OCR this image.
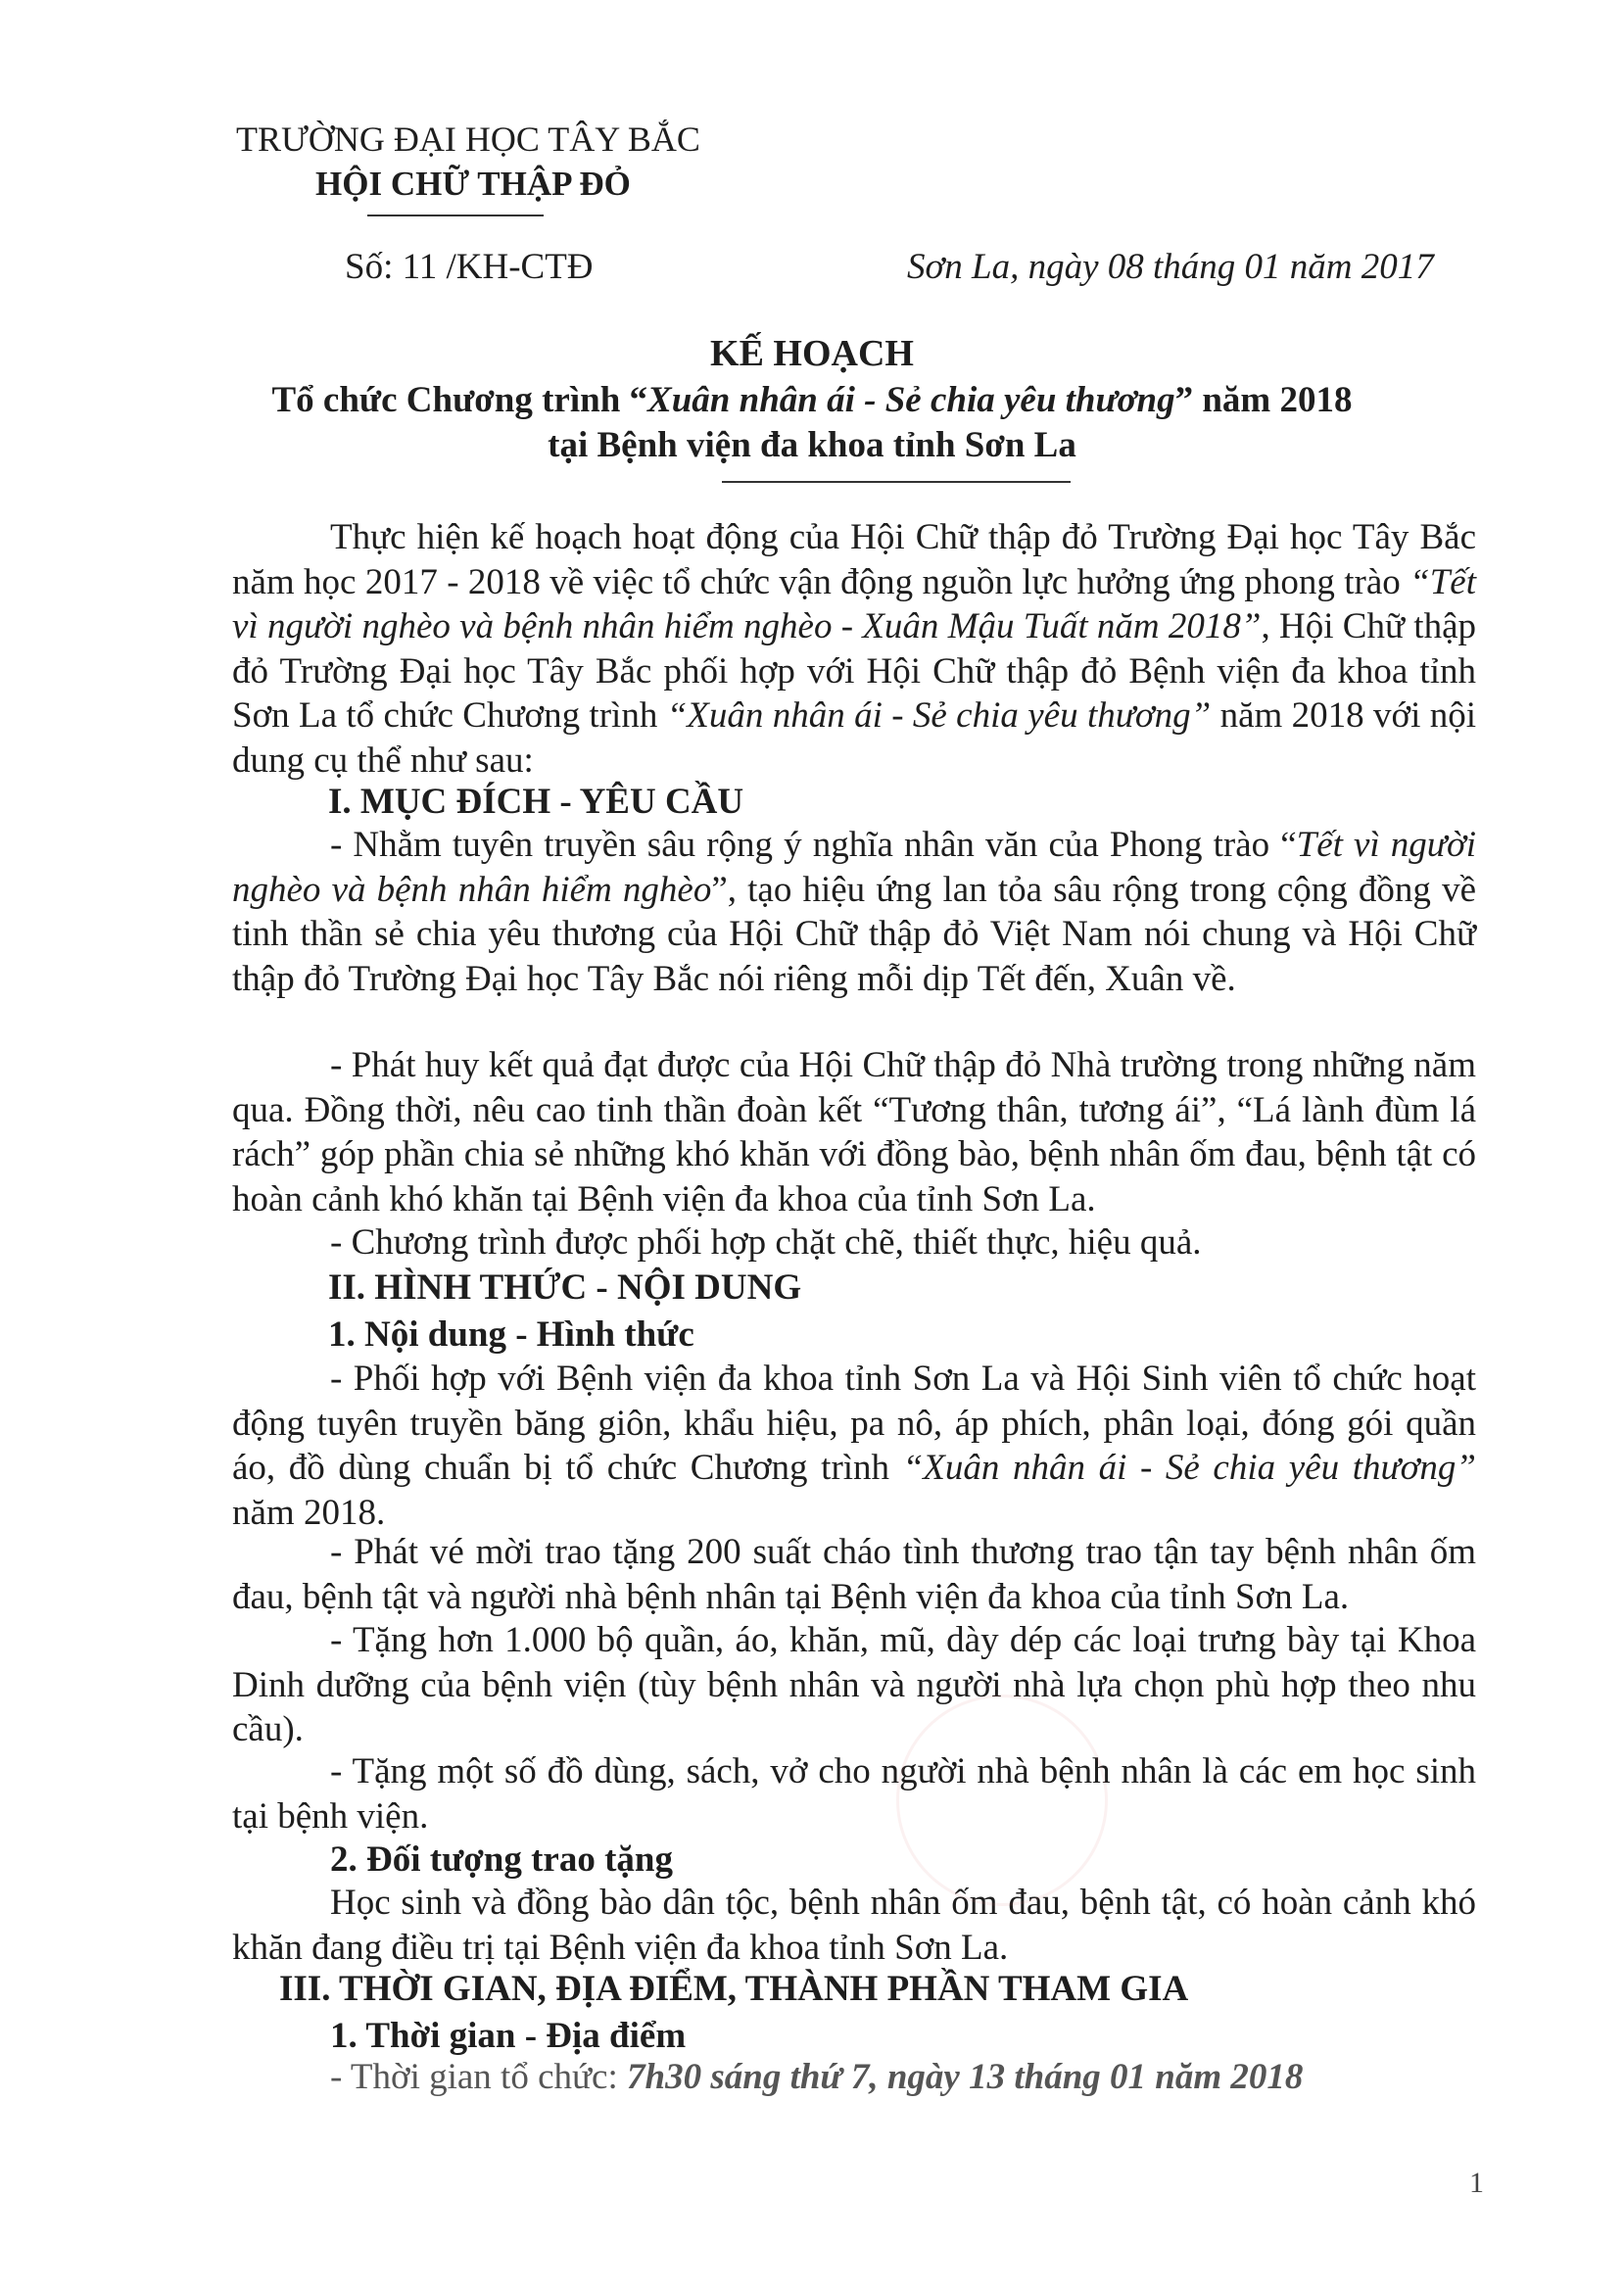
TRƯỜNG ĐẠI HỌC TÂY BẮC
HỘI CHỮ THẬP ĐỎ
Số: 11 /KH-CTĐ	Sơn La, ngày 08 tháng 01 năm 2017
KẾ HOẠCH
Tổ chức Chương trình “Xuân nhân ái - Sẻ chia yêu thương” năm 2018
tại Bệnh viện đa khoa tỉnh Sơn La
Thực hiện kế hoạch hoạt động của Hội Chữ thập đỏ Trường Đại học Tây Bắc năm học 2017 - 2018 về việc tổ chức vận động nguồn lực hưởng ứng phong trào “Tết vì người nghèo và bệnh nhân hiểm nghèo - Xuân Mậu Tuất năm 2018”, Hội Chữ thập đỏ Trường Đại học Tây Bắc phối hợp với Hội Chữ thập đỏ Bệnh viện đa khoa tỉnh Sơn La tổ chức Chương trình “Xuân nhân ái - Sẻ chia yêu thương” năm 2018 với nội dung cụ thể như sau:
I. MỤC ĐÍCH - YÊU CẦU
- Nhằm tuyên truyền sâu rộng ý nghĩa nhân văn của Phong trào “Tết vì người nghèo và bệnh nhân hiểm nghèo”, tạo hiệu ứng lan tỏa sâu rộng trong cộng đồng về tinh thần sẻ chia yêu thương của Hội Chữ thập đỏ Việt Nam nói chung và Hội Chữ thập đỏ Trường Đại học Tây Bắc nói riêng mỗi dịp Tết đến, Xuân về.
- Phát huy kết quả đạt được của Hội Chữ thập đỏ Nhà trường trong những năm qua. Đồng thời, nêu cao tinh thần đoàn kết “Tương thân, tương ái”, “Lá lành đùm lá rách” góp phần chia sẻ những khó khăn với đồng bào, bệnh nhân ốm đau, bệnh tật có hoàn cảnh khó khăn tại Bệnh viện đa khoa của tỉnh Sơn La.
- Chương trình được phối hợp chặt chẽ, thiết thực, hiệu quả.
II. HÌNH THỨC - NỘI DUNG
1. Nội dung - Hình thức
- Phối hợp với Bệnh viện đa khoa tỉnh Sơn La và Hội Sinh viên tổ chức hoạt động tuyên truyền băng giôn, khẩu hiệu, pa nô, áp phích, phân loại, đóng gói quần áo, đồ dùng chuẩn bị tổ chức Chương trình “Xuân nhân ái - Sẻ chia yêu thương” năm 2018.
- Phát vé mời trao tặng 200 suất cháo tình thương trao tận tay bệnh nhân ốm đau, bệnh tật và người nhà bệnh nhân tại Bệnh viện đa khoa của tỉnh Sơn La.
- Tặng hơn 1.000 bộ quần, áo, khăn, mũ, dày dép các loại trưng bày tại Khoa Dinh dưỡng của bệnh viện (tùy bệnh nhân và người nhà lựa chọn phù hợp theo nhu cầu).
- Tặng một số đồ dùng, sách, vở cho người nhà bệnh nhân là các em học sinh tại bệnh viện.
2. Đối tượng trao tặng
Học sinh và đồng bào dân tộc, bệnh nhân ốm đau, bệnh tật, có hoàn cảnh khó khăn đang điều trị tại Bệnh viện đa khoa tỉnh Sơn La.
III. THỜI GIAN, ĐỊA ĐIỂM, THÀNH PHẦN THAM GIA
1. Thời gian - Địa điểm
- Thời gian tổ chức: 7h30 sáng thứ 7, ngày 13 tháng 01 năm 2018
1
